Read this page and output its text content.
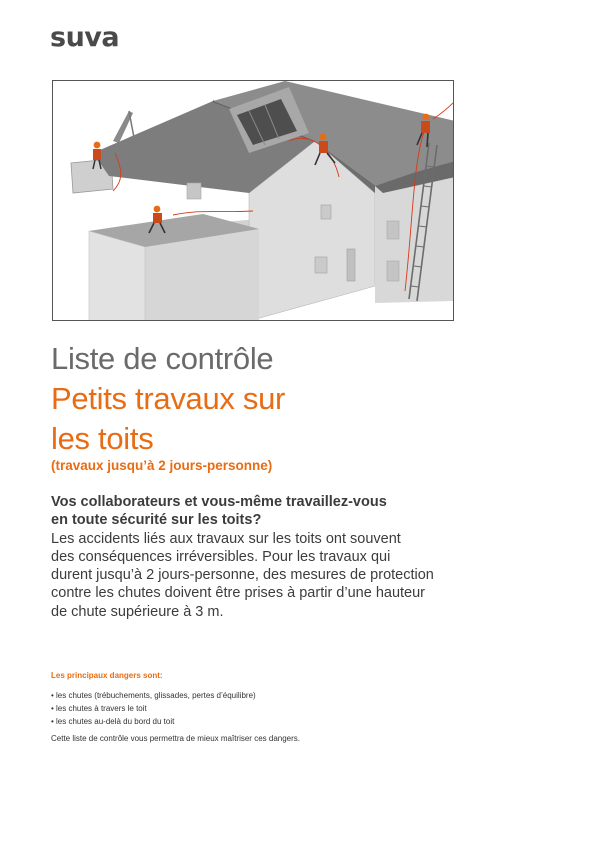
suva
Liste de contrôle
Petits travaux sur
les toits
(travaux jusqu’à 2 jours-personne)
Vos collaborateurs et vous-même travaillez-vous
en toute sécurité sur les toits?
Les accidents liés aux travaux sur les toits ont souvent
des conséquences irréversibles. Pour les travaux qui
durent jusqu’à 2 jours-personne, des mesures de protection
contre les chutes doivent être prises à partir d’une hauteur
de chute supérieure à 3 m.
Les principaux dangers sont:
• les chutes (trébuchements, glissades, pertes d’équilibre)
• les chutes à travers le toit
• les chutes au-delà du bord du toit
Cette liste de contrôle vous permettra de mieux maîtriser ces dangers.
